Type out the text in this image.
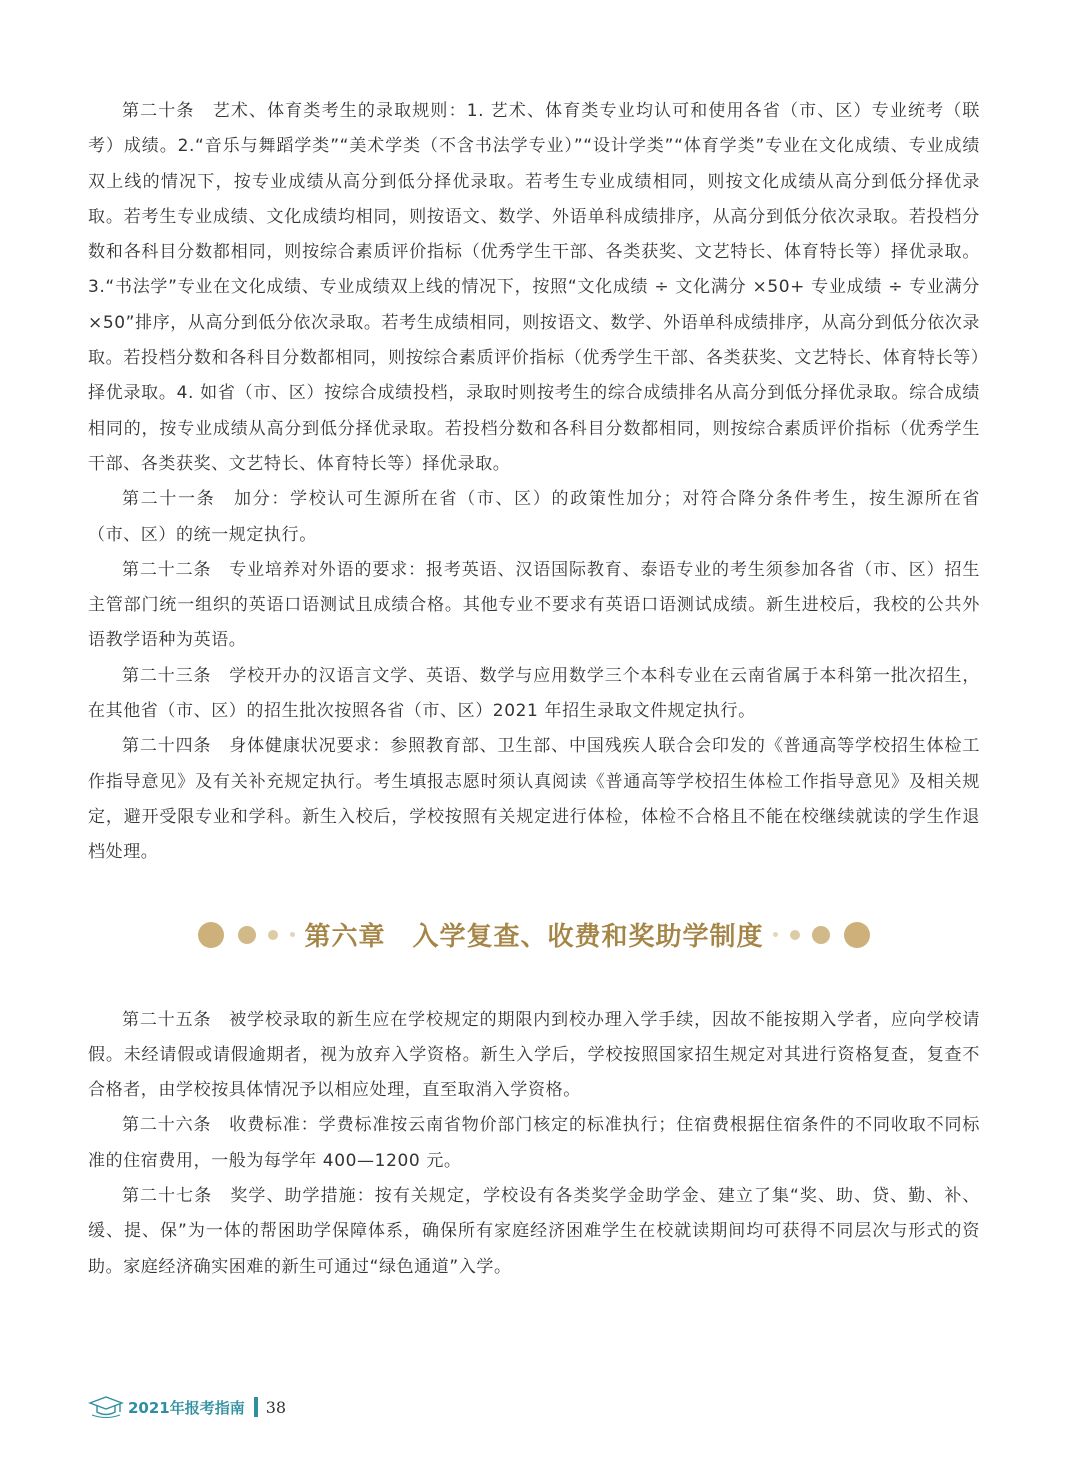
第二十条　艺术、体育类考生的录取规则：1. 艺术、体育类专业均认可和使用各省（市、区）专业统考（联考）成绩。2.“音乐与舞蹈学类”“美术学类（不含书法学专业）”“设计学类”“体育学类”专业在文化成绩、专业成绩双上线的情况下，按专业成绩从高分到低分择优录取。若考生专业成绩相同，则按文化成绩从高分到低分择优录取。若考生专业成绩、文化成绩均相同，则按语文、数学、外语单科成绩排序，从高分到低分依次录取。若投档分数和各科目分数都相同，则按综合素质评价指标（优秀学生干部、各类获奖、文艺特长、体育特长等）择优录取。3.“书法学”专业在文化成绩、专业成绩双上线的情况下，按照“文化成绩 ÷ 文化满分 ×50+ 专业成绩 ÷ 专业满分 ×50”排序，从高分到低分依次录取。若考生成绩相同，则按语文、数学、外语单科成绩排序，从高分到低分依次录取。若投档分数和各科目分数都相同，则按综合素质评价指标（优秀学生干部、各类获奖、文艺特长、体育特长等）择优录取。4. 如省（市、区）按综合成绩投档，录取时则按考生的综合成绩排名从高分到低分择优录取。综合成绩相同的，按专业成绩从高分到低分择优录取。若投档分数和各科目分数都相同，则按综合素质评价指标（优秀学生干部、各类获奖、文艺特长、体育特长等）择优录取。

第二十一条　加分：学校认可生源所在省（市、区）的政策性加分；对符合降分条件考生，按生源所在省（市、区）的统一规定执行。

第二十二条　专业培养对外语的要求：报考英语、汉语国际教育、泰语专业的考生须参加各省（市、区）招生主管部门统一组织的英语口语测试且成绩合格。其他专业不要求有英语口语测试成绩。新生进校后，我校的公共外语教学语种为英语。

第二十三条　学校开办的汉语言文学、英语、数学与应用数学三个本科专业在云南省属于本科第一批次招生，在其他省（市、区）的招生批次按照各省（市、区）2021 年招生录取文件规定执行。

第二十四条　身体健康状况要求：参照教育部、卫生部、中国残疾人联合会印发的《普通高等学校招生体检工作指导意见》及有关补充规定执行。考生填报志愿时须认真阅读《普通高等学校招生体检工作指导意见》及相关规定，避开受限专业和学科。新生入校后，学校按照有关规定进行体检，体检不合格且不能在校继续就读的学生作退档处理。

第六章　入学复查、收费和奖助学制度

第二十五条　被学校录取的新生应在学校规定的期限内到校办理入学手续，因故不能按期入学者，应向学校请假。未经请假或请假逾期者，视为放弃入学资格。新生入学后，学校按照国家招生规定对其进行资格复查，复查不合格者，由学校按具体情况予以相应处理，直至取消入学资格。

第二十六条　收费标准：学费标准按云南省物价部门核定的标准执行；住宿费根据住宿条件的不同收取不同标准的住宿费用，一般为每学年 400—1200 元。

第二十七条　奖学、助学措施：按有关规定，学校设有各类奖学金助学金、建立了集“奖、助、贷、勤、补、缓、提、保”为一体的帮困助学保障体系，确保所有家庭经济困难学生在校就读期间均可获得不同层次与形式的资助。家庭经济确实困难的新生可通过“绿色通道”入学。

2021年报考指南 38
